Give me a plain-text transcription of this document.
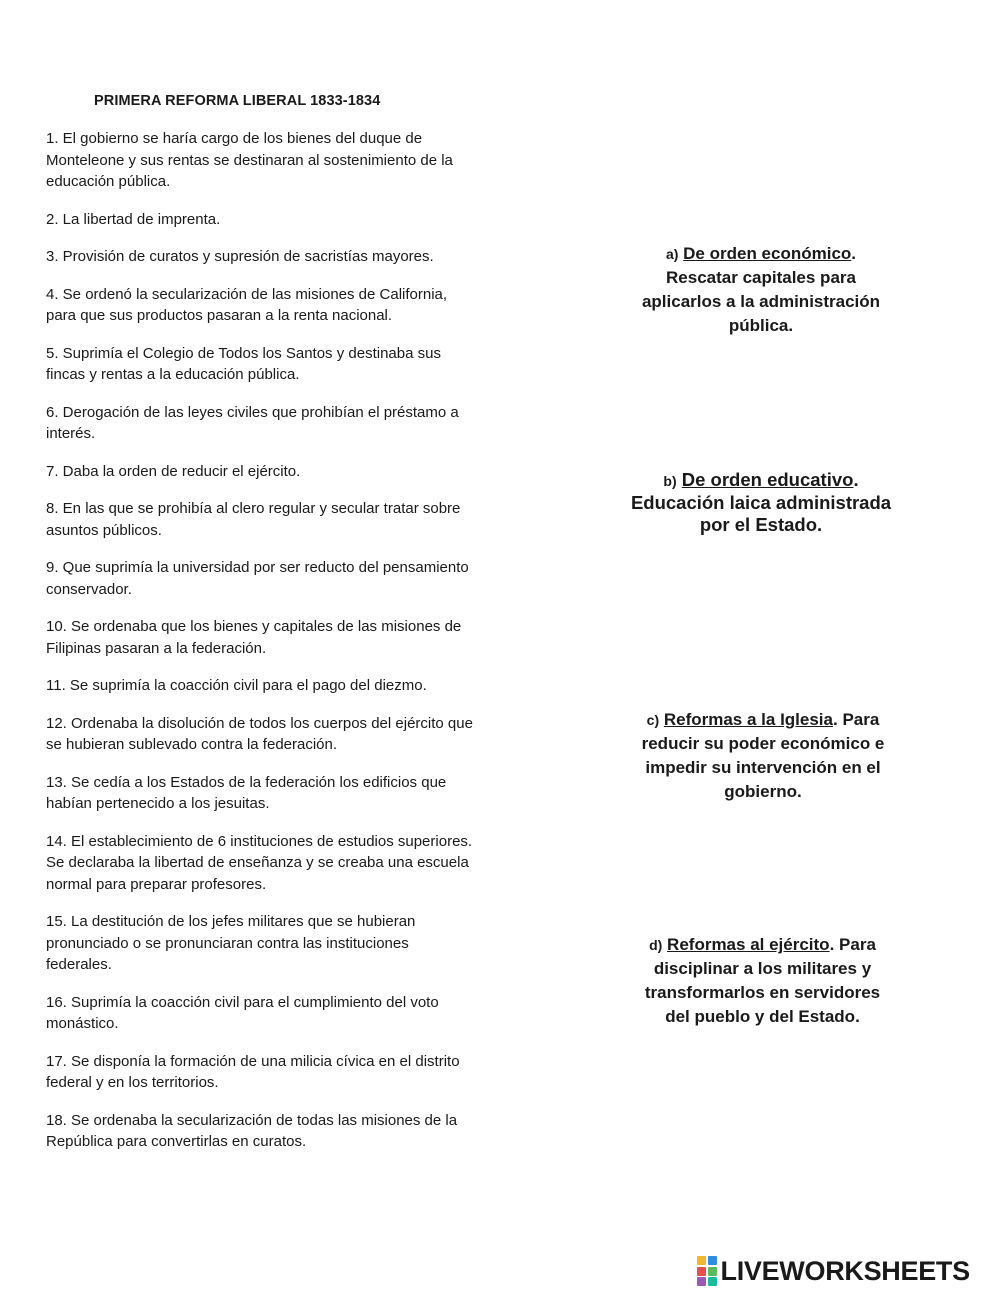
PRIMERA REFORMA LIBERAL 1833-1834
1. El gobierno se haría cargo de los bienes del duque de Monteleone y sus rentas se destinaran al sostenimiento de la educación pública.
2. La libertad de imprenta.
3. Provisión de curatos y supresión de sacristías mayores.
4. Se ordenó la secularización de las misiones de California, para que sus productos pasaran a la renta nacional.
5. Suprimía el Colegio de Todos los Santos y destinaba sus fincas y rentas a la educación pública.
6. Derogación de las leyes civiles que prohibían el préstamo a interés.
7. Daba la orden de reducir el ejército.
8. En las que se prohibía al clero regular y secular tratar sobre asuntos públicos.
9. Que suprimía la universidad por ser reducto del pensamiento conservador.
10. Se ordenaba que los bienes y capitales de las misiones de Filipinas pasaran a la federación.
11. Se suprimía la coacción civil para el pago del diezmo.
12. Ordenaba la disolución de todos los cuerpos del ejército que se hubieran sublevado contra la federación.
13. Se cedía a los Estados de la federación los edificios que habían pertenecido a los jesuitas.
14. El establecimiento de 6 instituciones de estudios superiores. Se declaraba la libertad de enseñanza y se creaba una escuela normal para preparar profesores.
15. La destitución de los jefes militares que se hubieran pronunciado o se pronunciaran contra las instituciones federales.
16. Suprimía la coacción civil para el cumplimiento del voto monástico.
17. Se disponía la formación de una milicia cívica en el distrito federal y en los territorios.
18. Se ordenaba la secularización de todas las misiones de la República para convertirlas en curatos.
a) De orden económico. Rescatar capitales para aplicarlos a la administración pública.
b) De orden educativo. Educación laica administrada por el Estado.
c) Reformas a la Iglesia. Para reducir su poder económico e impedir su intervención en el gobierno.
d) Reformas al ejército. Para disciplinar a los militares y transformarlos en servidores del pueblo y del Estado.
LIVEWORKSHEETS
